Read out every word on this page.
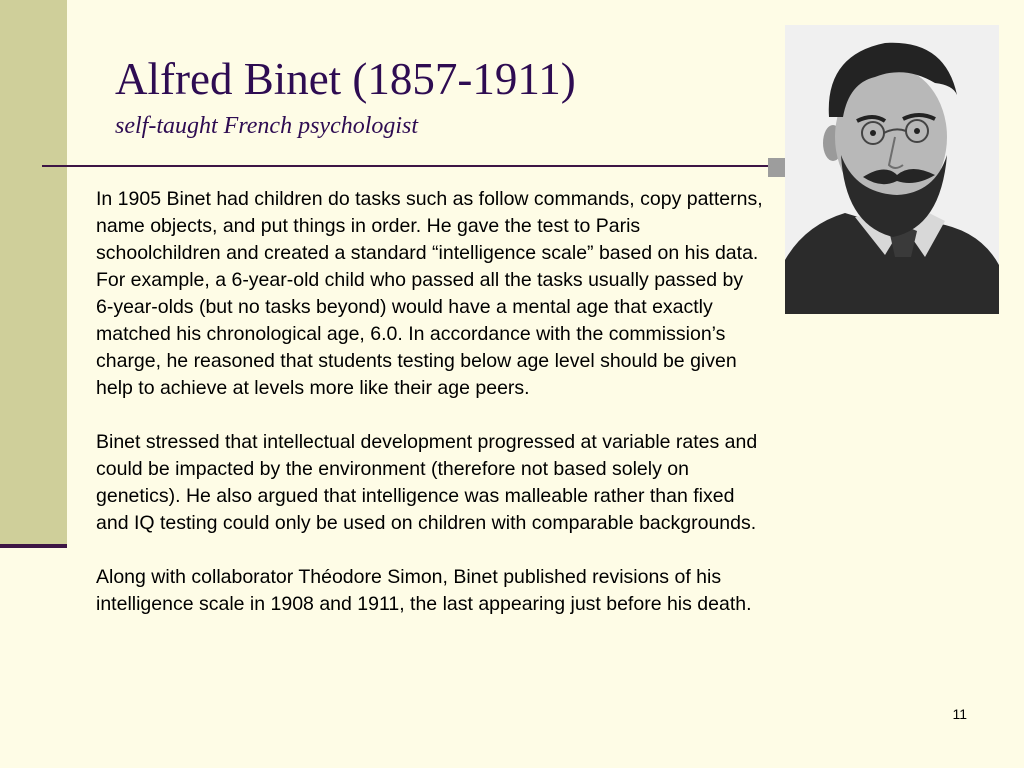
Alfred Binet (1857-1911)
self-taught French psychologist

In 1905 Binet had children do tasks such as follow commands, copy patterns, name objects, and put things in order. He gave the test to Paris schoolchildren and created a standard “intelligence scale” based on his data. For example, a 6-year-old child who passed all the tasks usually passed by 6-year-olds (but no tasks beyond) would have a mental age that exactly matched his chronological age, 6.0. In accordance with the commission’s charge, he reasoned that students testing below age level should be given help to achieve at levels more like their age peers.

Binet stressed that intellectual development progressed at variable rates and could be impacted by the environment (therefore not based solely on genetics). He also argued that intelligence was malleable rather than fixed and IQ testing could only be used on children with comparable backgrounds.

Along with collaborator Théodore Simon, Binet published revisions of his intelligence scale in 1908 and 1911, the last appearing just before his death.

11
